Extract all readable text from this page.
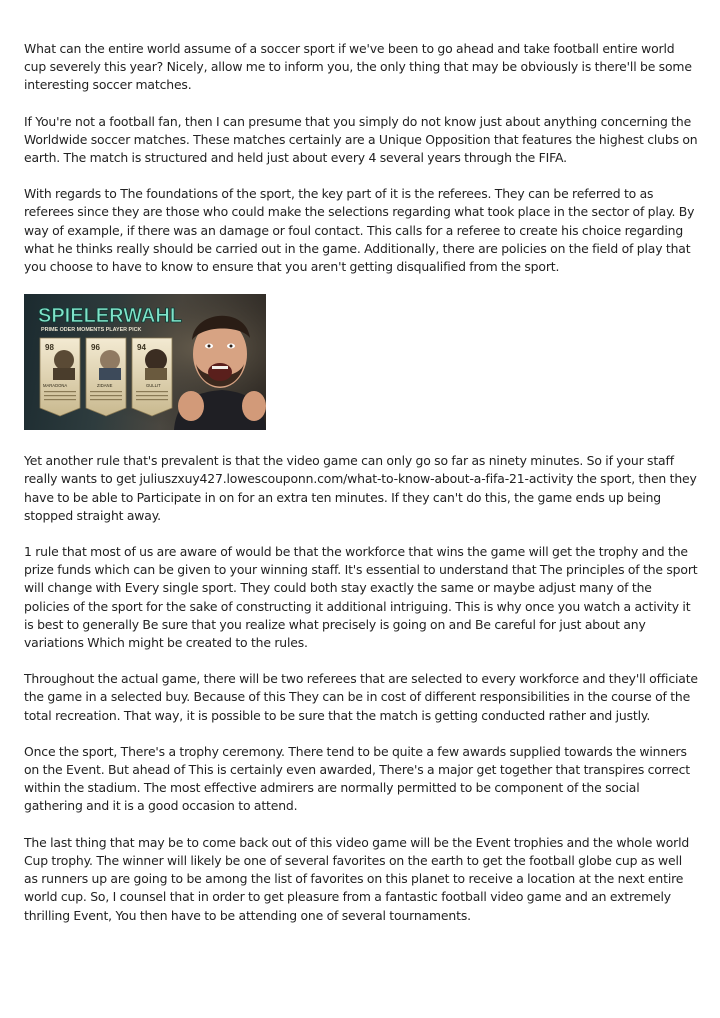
What can the entire world assume of a soccer sport if we've been to go ahead and take football entire world cup severely this year? Nicely, allow me to inform you, the only thing that may be obviously is there'll be some interesting soccer matches.

If You're not a football fan, then I can presume that you simply do not know just about anything concerning the Worldwide soccer matches. These matches certainly are a Unique Opposition that features the highest clubs on earth. The match is structured and held just about every 4 several years through the FIFA.

With regards to The foundations of the sport, the key part of it is the referees. They can be referred to as referees since they are those who could make the selections regarding what took place in the sector of play. By way of example, if there was an damage or foul contact. This calls for a referee to create his choice regarding what he thinks really should be carried out in the game. Additionally, there are policies on the field of play that you choose to have to know to ensure that you aren't getting disqualified from the sport.

SPIELERWAHL
PRIME ODER MOMENTS PLAYER PICK
98
MARADONA
96
ZIDANE
94
GULLIT

Yet another rule that's prevalent is that the video game can only go so far as ninety minutes. So if your staff really wants to get juliuszxuy427.lowescouponn.com/what-to-know-about-a-fifa-21-activity the sport, then they have to be able to Participate in on for an extra ten minutes. If they can't do this, the game ends up being stopped straight away.

1 rule that most of us are aware of would be that the workforce that wins the game will get the trophy and the prize funds which can be given to your winning staff. It's essential to understand that The principles of the sport will change with Every single sport. They could both stay exactly the same or maybe adjust many of the policies of the sport for the sake of constructing it additional intriguing. This is why once you watch a activity it is best to generally Be sure that you realize what precisely is going on and Be careful for just about any variations Which might be created to the rules.

Throughout the actual game, there will be two referees that are selected to every workforce and they'll officiate the game in a selected buy. Because of this They can be in cost of different responsibilities in the course of the total recreation. That way, it is possible to be sure that the match is getting conducted rather and justly.

Once the sport, There's a trophy ceremony. There tend to be quite a few awards supplied towards the winners on the Event. But ahead of This is certainly even awarded, There's a major get together that transpires correct within the stadium. The most effective admirers are normally permitted to be component of the social gathering and it is a good occasion to attend.

The last thing that may be to come back out of this video game will be the Event trophies and the whole world Cup trophy. The winner will likely be one of several favorites on the earth to get the football globe cup as well as runners up are going to be among the list of favorites on this planet to receive a location at the next entire world cup. So, I counsel that in order to get pleasure from a fantastic football video game and an extremely thrilling Event, You then have to be attending one of several tournaments.
